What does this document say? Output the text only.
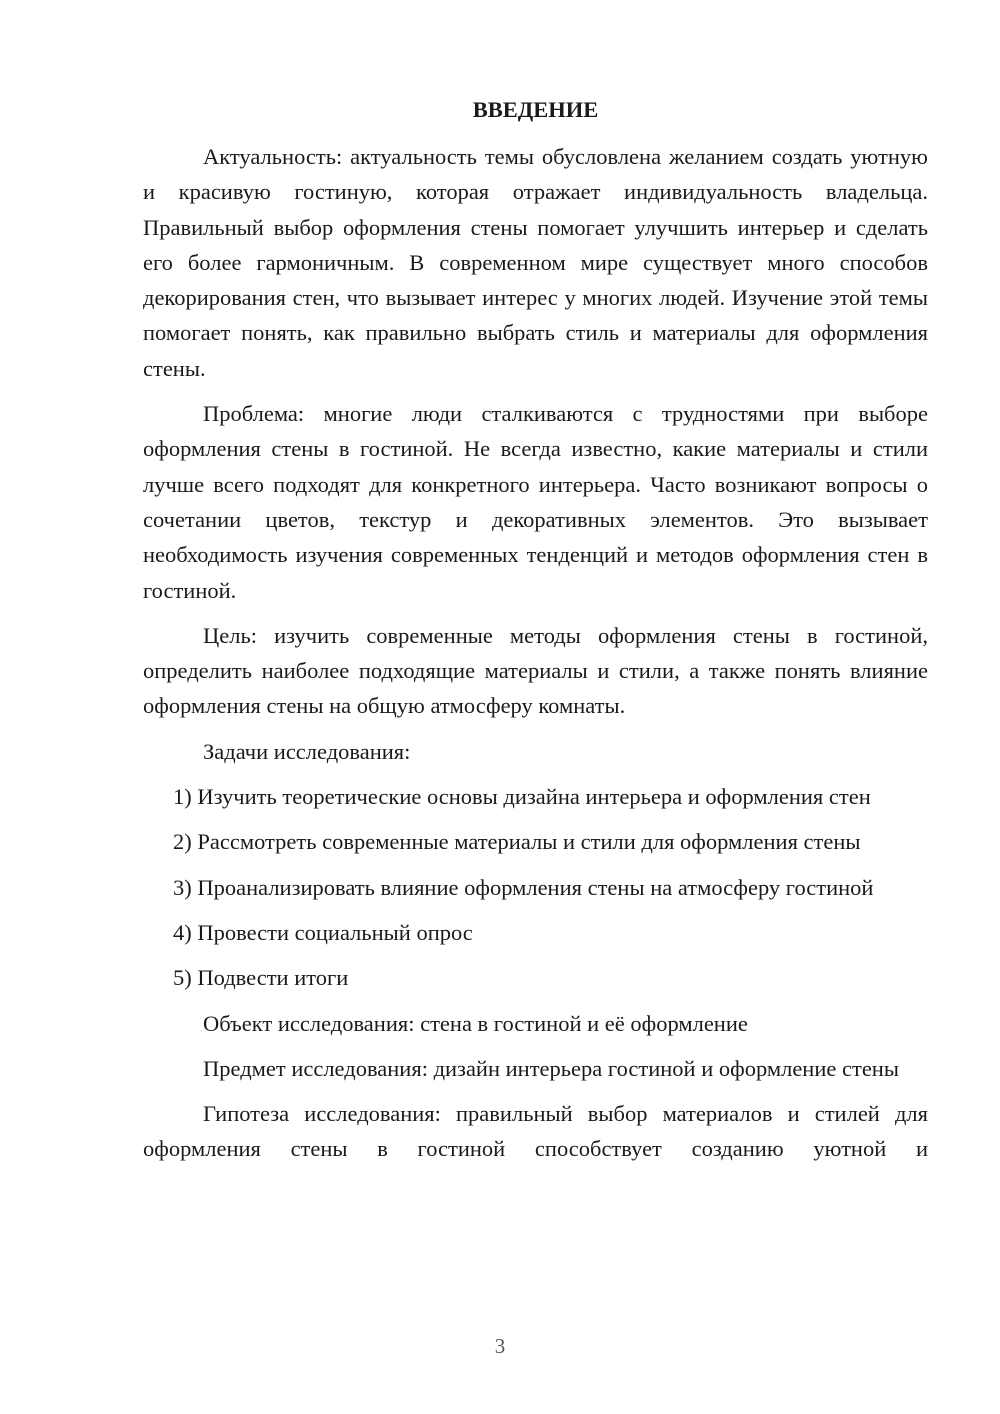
ВВЕДЕНИЕ

Актуальность: актуальность темы обусловлена желанием создать уютную и красивую гостиную, которая отражает индивидуальность владельца. Правильный выбор оформления стены помогает улучшить интерьер и сделать его более гармоничным. В современном мире существует много способов декорирования стен, что вызывает интерес у многих людей. Изучение этой темы помогает понять, как правильно выбрать стиль и материалы для оформления стены.

Проблема: многие люди сталкиваются с трудностями при выборе оформления стены в гостиной. Не всегда известно, какие материалы и стили лучше всего подходят для конкретного интерьера. Часто возникают вопросы о сочетании цветов, текстур и декоративных элементов. Это вызывает необходимость изучения современных тенденций и методов оформления стен в гостиной.

Цель: изучить современные методы оформления стены в гостиной, определить наиболее подходящие материалы и стили, а также понять влияние оформления стены на общую атмосферу комнаты.

Задачи исследования:

1) Изучить теоретические основы дизайна интерьера и оформления стен

2) Рассмотреть современные материалы и стили для оформления стены

3) Проанализировать влияние оформления стены на атмосферу гостиной

4) Провести социальный опрос

5) Подвести итоги

Объект исследования: стена в гостиной и её оформление

Предмет исследования: дизайн интерьера гостиной и оформление стены

Гипотеза исследования: правильный выбор материалов и стилей для оформления стены в гостиной способствует созданию уютной и

3
